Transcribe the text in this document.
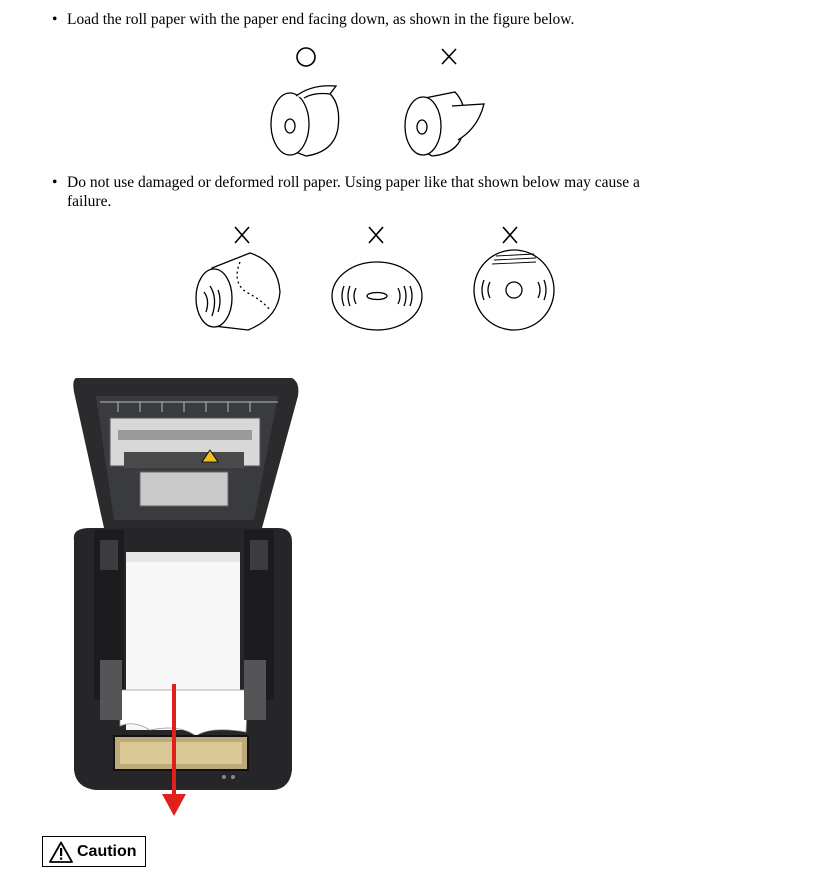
• Load the roll paper with the paper end facing down, as shown in the figure below.
• Do not use damaged or deformed roll paper. Using paper like that shown below may cause a
failure.
Caution
